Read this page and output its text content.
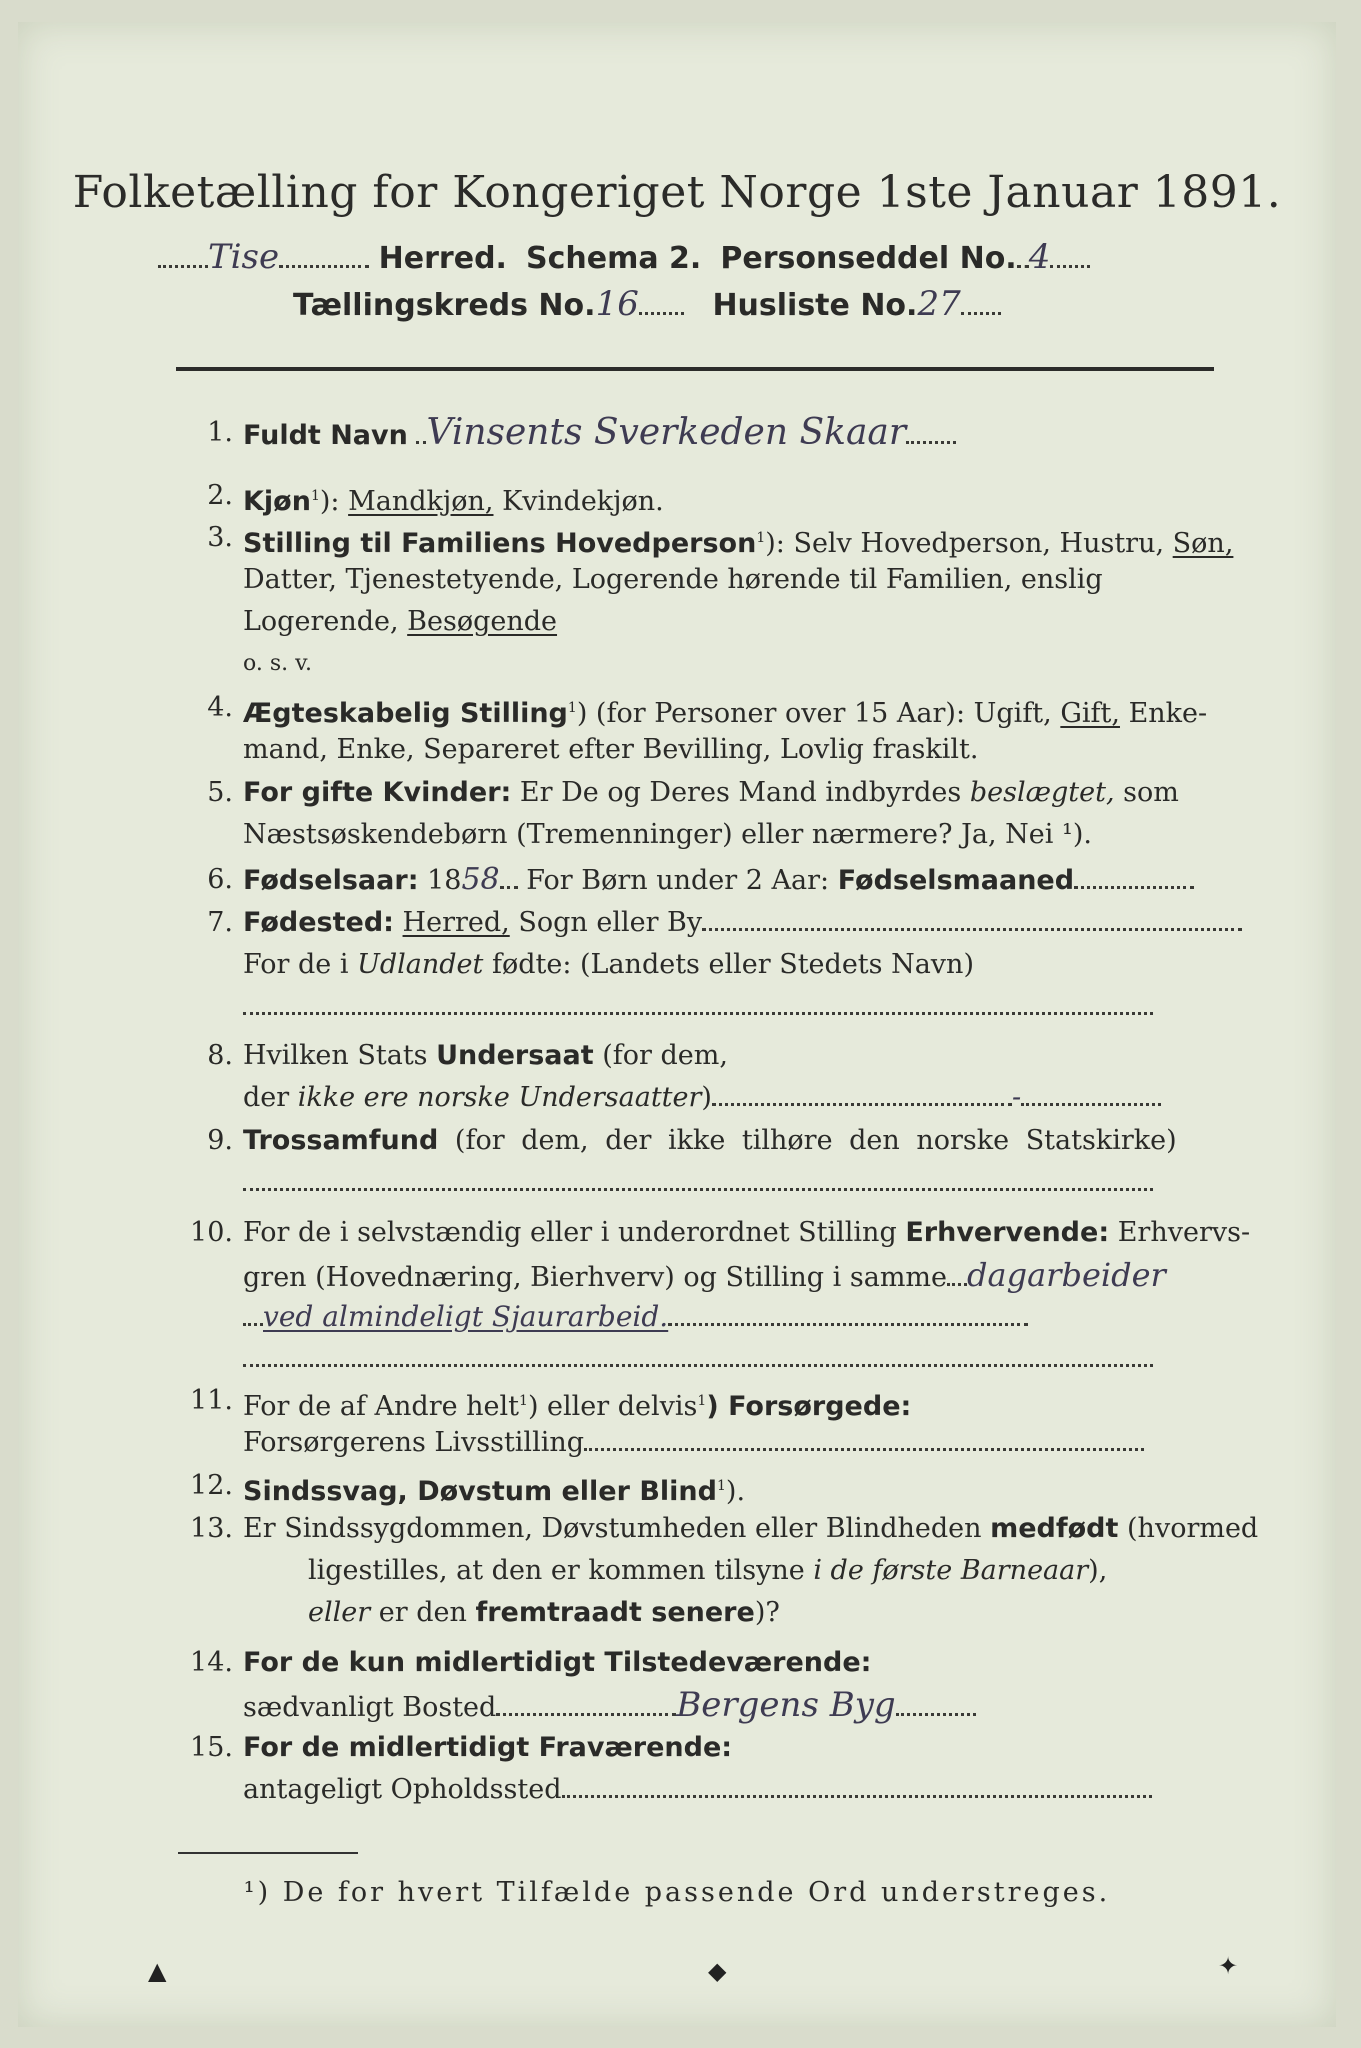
Folketælling for Kongeriget Norge 1ste Januar 1891.
Tise	Herred. Schema 2. Personseddel No. 4
Tællingskreds No.16 Husliste No.27
1. Fuldt Navn Vinsents Sverkeden Skaar
2. Kjøn$^1$): Mandkjøn, Kvindekjøn.
3. Stilling til Familiens Hovedperson$^1$): Selv Hovedperson, Hustru, Søn,
Datter, Tjenestetyende, Logerende hørende til Familien, enslig
Logerende, Besøgende
o. s. v.
4. Ægteskabelig Stilling$^1$) (for Personer over 15 Aar): Ugift, Gift, Enke-
mand, Enke, Separeret efter Bevilling, Lovlig fraskilt.
5. For gifte Kvinder: Er De og Deres Mand indbyrdes beslægtet, som
Næstsøskendebørn (Tremenninger) eller nærmere? Ja, Nei ¹).
6. Fødselsaar: 1858 For Børn under 2 Aar: Fødselsmaaned
7. Fødested: Herred, Sogn eller By
For de i Udlandet fødte: (Landets eller Stedets Navn)
8. Hvilken Stats Undersaat (for dem,
der ikke ere norske Undersaatter)	-
9. Trossamfund (for dem, der ikke tilhøre den norske Statskirke)
10. For de i selvstændig eller i underordnet Stilling Erhvervende: Erhvervs-
gren (Hovednæring, Bierhverv) og Stilling i samme dagarbeider
ved almindeligt Sjaurarbeid.
11. For de af Andre helt$^1$) eller delvis$^1$) Forsørgede:
Forsørgerens Livsstilling
12. Sindssvag, Døvstum eller Blind$^1$).
13. Er Sindssygdommen, Døvstumheden eller Blindheden medfødt (hvormed
ligestilles, at den er kommen tilsyne i de første Barneaar),
eller er den fremtraadt senere)?
14. For de kun midlertidigt Tilstedeværende:
sædvanligt Bosted	Bergens Byg
15. For de midlertidigt Fraværende:
antageligt Opholdssted
¹) De for hvert Tilfælde passende Ord understreges.
▲	◆	✦
